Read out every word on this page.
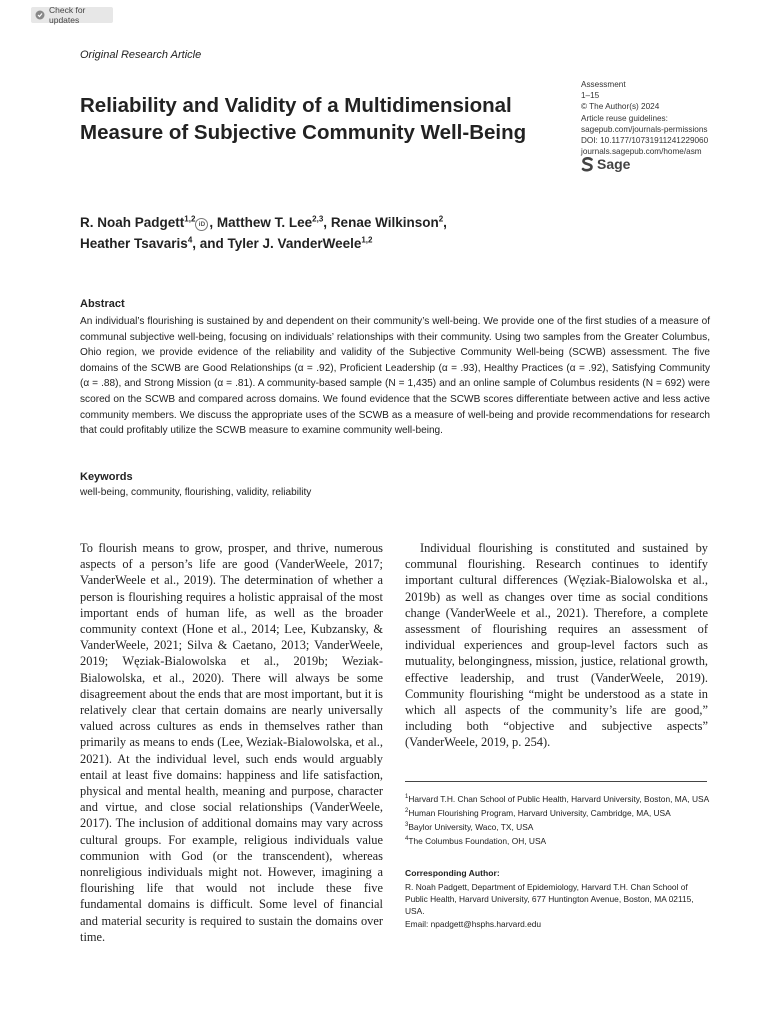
Check for updates
Original Research Article
Reliability and Validity of a Multidimensional Measure of Subjective Community Well-Being
Assessment
1–15
© The Author(s) 2024
Article reuse guidelines:
sagepub.com/journals-permissions
DOI: 10.1177/10731911241229060
journals.sagepub.com/home/asm
Sage
R. Noah Padgett$^{1,2}$iD , Matthew T. Lee$^{2,3}$, Renae Wilkinson$^2$,
Heather Tsavaris$^4$, and Tyler J. VanderWeele$^{1,2}$
Abstract
An individual’s flourishing is sustained by and dependent on their community’s well-being. We provide one of the first studies of a measure of communal subjective well-being, focusing on individuals’ relationships with their community. Using two samples from the Greater Columbus, Ohio region, we provide evidence of the reliability and validity of the Subjective Community Well-being (SCWB) assessment. The five domains of the SCWB are Good Relationships (α = .92), Proficient Leadership (α = .93), Healthy Practices (α = .92), Satisfying Community (α = .88), and Strong Mission (α = .81). A community-based sample (N = 1,435) and an online sample of Columbus residents (N = 692) were scored on the SCWB and compared across domains. We found evidence that the SCWB scores differentiate between active and less active community members. We discuss the appropriate uses of the SCWB as a measure of well-being and provide recommendations for research that could profitably utilize the SCWB measure to examine community well-being.
Keywords
well-being, community, flourishing, validity, reliability
To flourish means to grow, prosper, and thrive, numerous aspects of a person’s life are good (VanderWeele, 2017; VanderWeele et al., 2019). The determination of whether a person is flourishing requires a holistic appraisal of the most important ends of human life, as well as the broader community context (Hone et al., 2014; Lee, Kubzansky, & VanderWeele, 2021; Silva & Caetano, 2013; VanderWeele, 2019; Węziak-Bialowolska et al., 2019b; Weziak-Bialowolska, et al., 2020). There will always be some disagreement about the ends that are most important, but it is relatively clear that certain domains are nearly universally valued across cultures as ends in themselves rather than primarily as means to ends (Lee, Weziak-Bialowolska, et al., 2021). At the individual level, such ends would arguably entail at least five domains: happiness and life satisfaction, physical and mental health, meaning and purpose, character and virtue, and close social relationships (VanderWeele, 2017). The inclusion of additional domains may vary across cultural groups. For example, religious individuals value communion with God (or the transcendent), whereas nonreligious individuals might not. However, imagining a flourishing life that would not include these five fundamental domains is difficult. Some level of financial and material security is required to sustain the domains over time.
Individual flourishing is constituted and sustained by communal flourishing. Research continues to identify important cultural differences (Węziak-Bialowolska et al., 2019b) as well as changes over time as social conditions change (VanderWeele et al., 2021). Therefore, a complete assessment of flourishing requires an assessment of individual experiences and group-level factors such as mutuality, belongingness, mission, justice, relational growth, effective leadership, and trust (VanderWeele, 2019). Community flourishing “might be understood as a state in which all aspects of the community’s life are good,” including both “objective and subjective aspects” (VanderWeele, 2019, p. 254).
$^1$Harvard T.H. Chan School of Public Health, Harvard University, Boston, MA, USA
$^2$Human Flourishing Program, Harvard University, Cambridge, MA, USA
$^3$Baylor University, Waco, TX, USA
$^4$The Columbus Foundation, OH, USA
Corresponding Author:
R. Noah Padgett, Department of Epidemiology, Harvard T.H. Chan School of Public Health, Harvard University, 677 Huntington Avenue, Boston, MA 02115, USA.
Email: npadgett@hsphs.harvard.edu
